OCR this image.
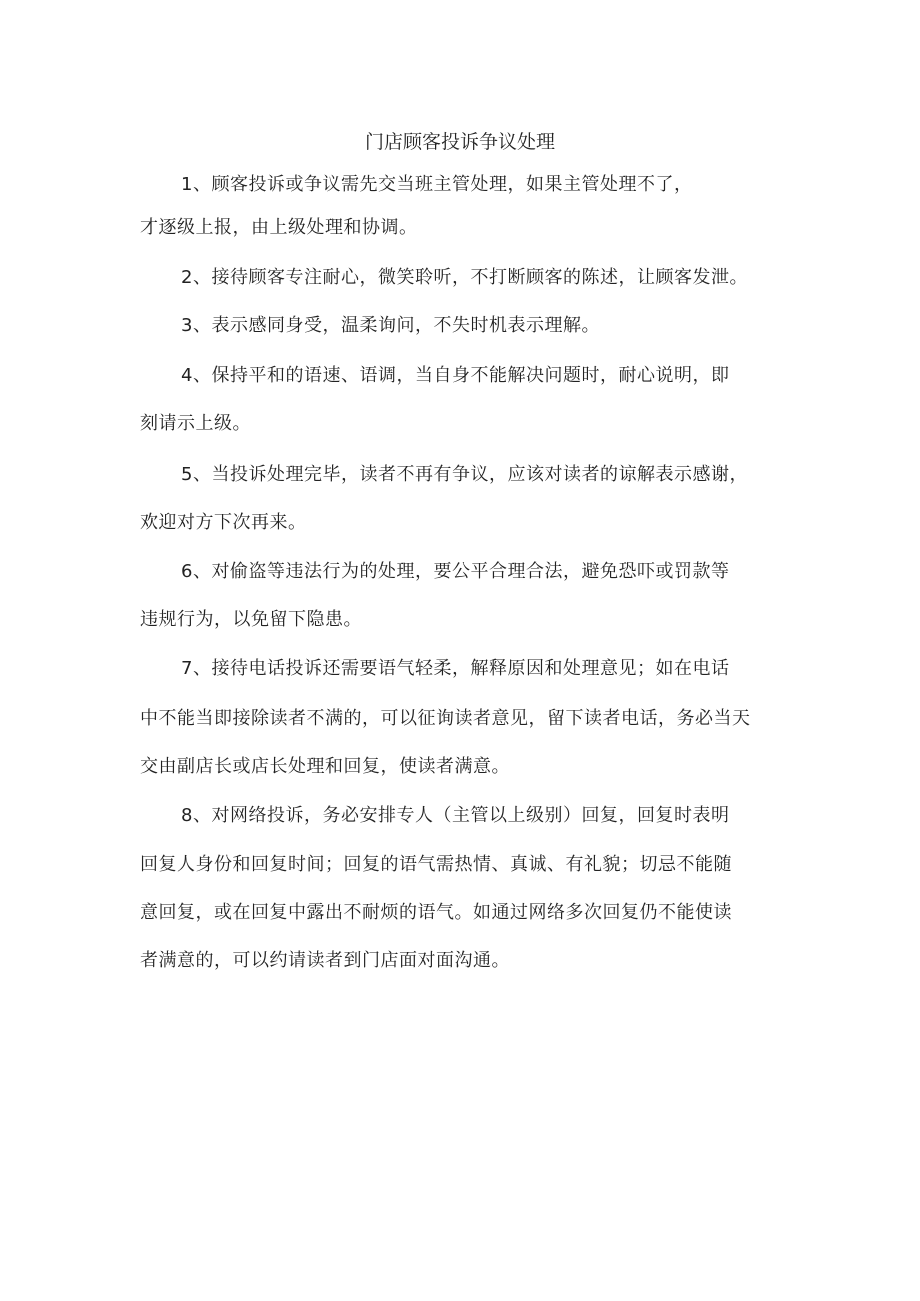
门店顾客投诉争议处理
1、顾客投诉或争议需先交当班主管处理，如果主管处理不了，
才逐级上报，由上级处理和协调。
2、接待顾客专注耐心，微笑聆听，不打断顾客的陈述，让顾客发泄。
3、表示感同身受，温柔询问，不失时机表示理解。
4、保持平和的语速、语调，当自身不能解决问题时，耐心说明，即
刻请示上级。
5、当投诉处理完毕，读者不再有争议，应该对读者的谅解表示感谢，
欢迎对方下次再来。
6、对偷盗等违法行为的处理，要公平合理合法，避免恐吓或罚款等
违规行为，以免留下隐患。
7、接待电话投诉还需要语气轻柔，解释原因和处理意见；如在电话
中不能当即接除读者不满的，可以征询读者意见，留下读者电话，务必当天
交由副店长或店长处理和回复，使读者满意。
8、对网络投诉，务必安排专人（主管以上级别）回复，回复时表明
回复人身份和回复时间；回复的语气需热情、真诚、有礼貌；切忌不能随
意回复，或在回复中露出不耐烦的语气。如通过网络多次回复仍不能使读
者满意的，可以约请读者到门店面对面沟通。
